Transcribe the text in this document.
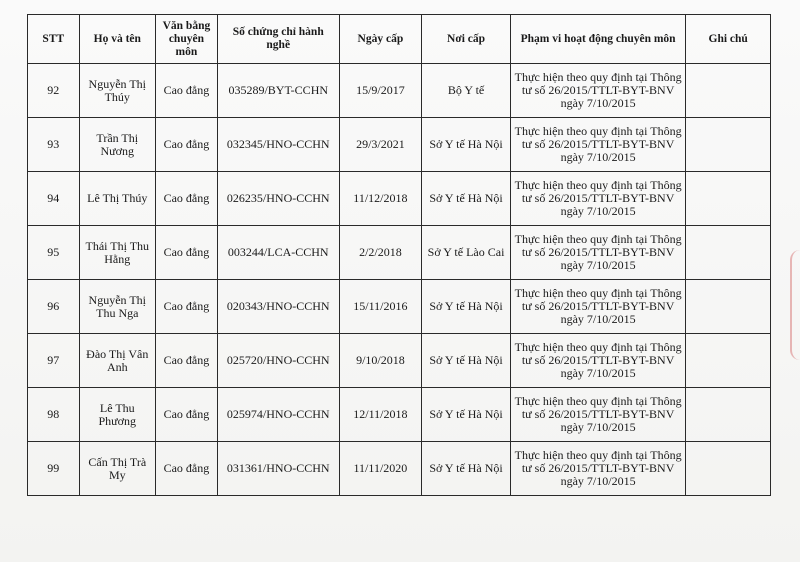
STT	Họ và tên	Văn bằng chuyên môn	Số chứng chỉ hành nghề	Ngày cấp	Nơi cấp	Phạm vi hoạt động chuyên môn	Ghi chú
92	Nguyễn Thị Thúy	Cao đẳng	035289/BYT-CCHN	15/9/2017	Bộ Y tế	Thực hiện theo quy định tại Thông tư số 26/2015/TTLT-BYT-BNV ngày 7/10/2015	
93	Trần Thị Nương	Cao đẳng	032345/HNO-CCHN	29/3/2021	Sở Y tế Hà Nội	Thực hiện theo quy định tại Thông tư số 26/2015/TTLT-BYT-BNV ngày 7/10/2015	
94	Lê Thị Thúy	Cao đẳng	026235/HNO-CCHN	11/12/2018	Sở Y tế Hà Nội	Thực hiện theo quy định tại Thông tư số 26/2015/TTLT-BYT-BNV ngày 7/10/2015	
95	Thái Thị Thu Hằng	Cao đẳng	003244/LCA-CCHN	2/2/2018	Sở Y tế Lào Cai	Thực hiện theo quy định tại Thông tư số 26/2015/TTLT-BYT-BNV ngày 7/10/2015	
96	Nguyễn Thị Thu Nga	Cao đẳng	020343/HNO-CCHN	15/11/2016	Sở Y tế Hà Nội	Thực hiện theo quy định tại Thông tư số 26/2015/TTLT-BYT-BNV ngày 7/10/2015	
97	Đào Thị Vân Anh	Cao đẳng	025720/HNO-CCHN	9/10/2018	Sở Y tế Hà Nội	Thực hiện theo quy định tại Thông tư số 26/2015/TTLT-BYT-BNV ngày 7/10/2015	
98	Lê Thu Phương	Cao đẳng	025974/HNO-CCHN	12/11/2018	Sở Y tế Hà Nội	Thực hiện theo quy định tại Thông tư số 26/2015/TTLT-BYT-BNV ngày 7/10/2015	
99	Cấn Thị Trà My	Cao đẳng	031361/HNO-CCHN	11/11/2020	Sở Y tế Hà Nội	Thực hiện theo quy định tại Thông tư số 26/2015/TTLT-BYT-BNV ngày 7/10/2015	
